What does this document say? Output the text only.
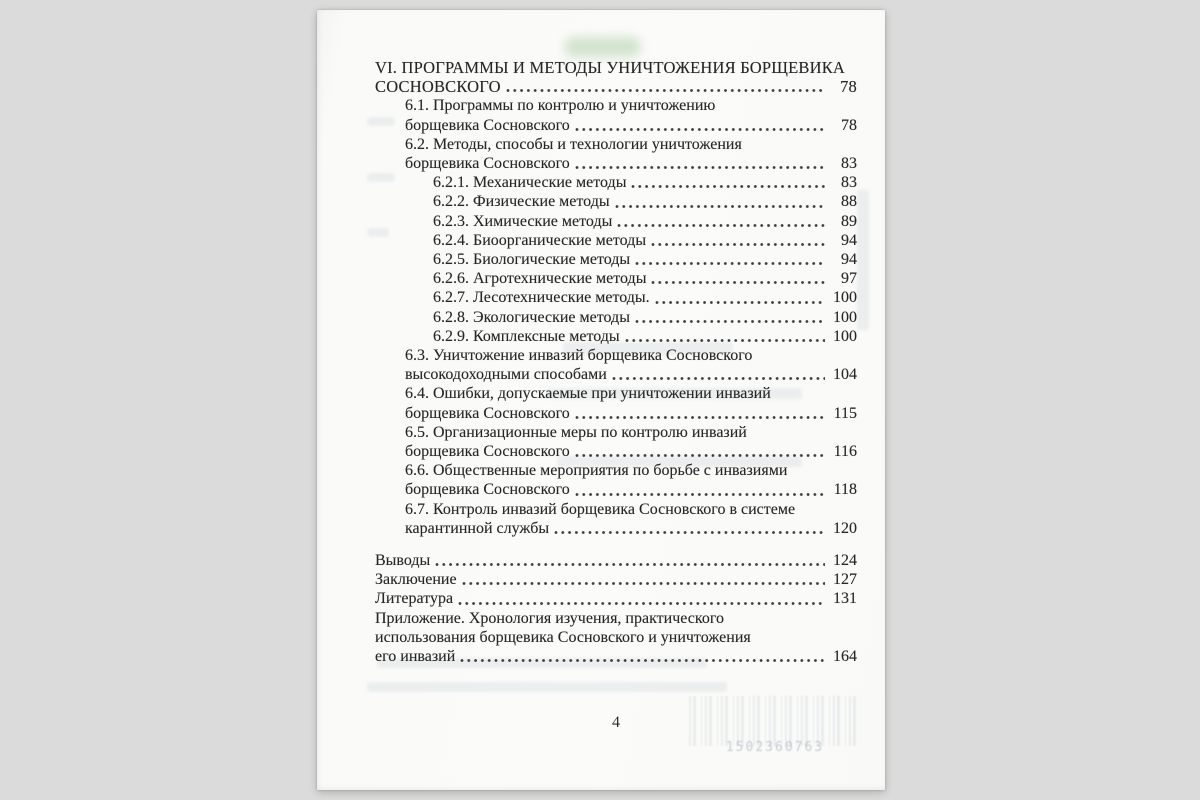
VI. ПРОГРАММЫ И МЕТОДЫ УНИЧТОЖЕНИЯ БОРЩЕВИКА
СОСНОВСКОГО	78
6.1. Программы по контролю и уничтожению
борщевика Сосновского	78
6.2. Методы, способы и технологии уничтожения
борщевика Сосновского	83
6.2.1. Механические методы	83
6.2.2. Физические методы	88
6.2.3. Химические методы	89
6.2.4. Биоорганические методы	94
6.2.5. Биологические методы	94
6.2.6. Агротехнические методы	97
6.2.7. Лесотехнические методы.	100
6.2.8. Экологические методы	100
6.2.9. Комплексные методы	100
6.3. Уничтожение инвазий борщевика Сосновского
высокодоходными способами	104
6.4. Ошибки, допускаемые при уничтожении инвазий
борщевика Сосновского	115
6.5. Организационные меры по контролю инвазий
борщевика Сосновского	116
6.6. Общественные мероприятия по борьбе с инвазиями
борщевика Сосновского	118
6.7. Контроль инвазий борщевика Сосновского в системе
карантинной службы	120
Выводы	124
Заключение	127
Литература	131
Приложение. Хронология изучения, практического
использования борщевика Сосновского и уничтожения
его инвазий	164
4
1502360763
